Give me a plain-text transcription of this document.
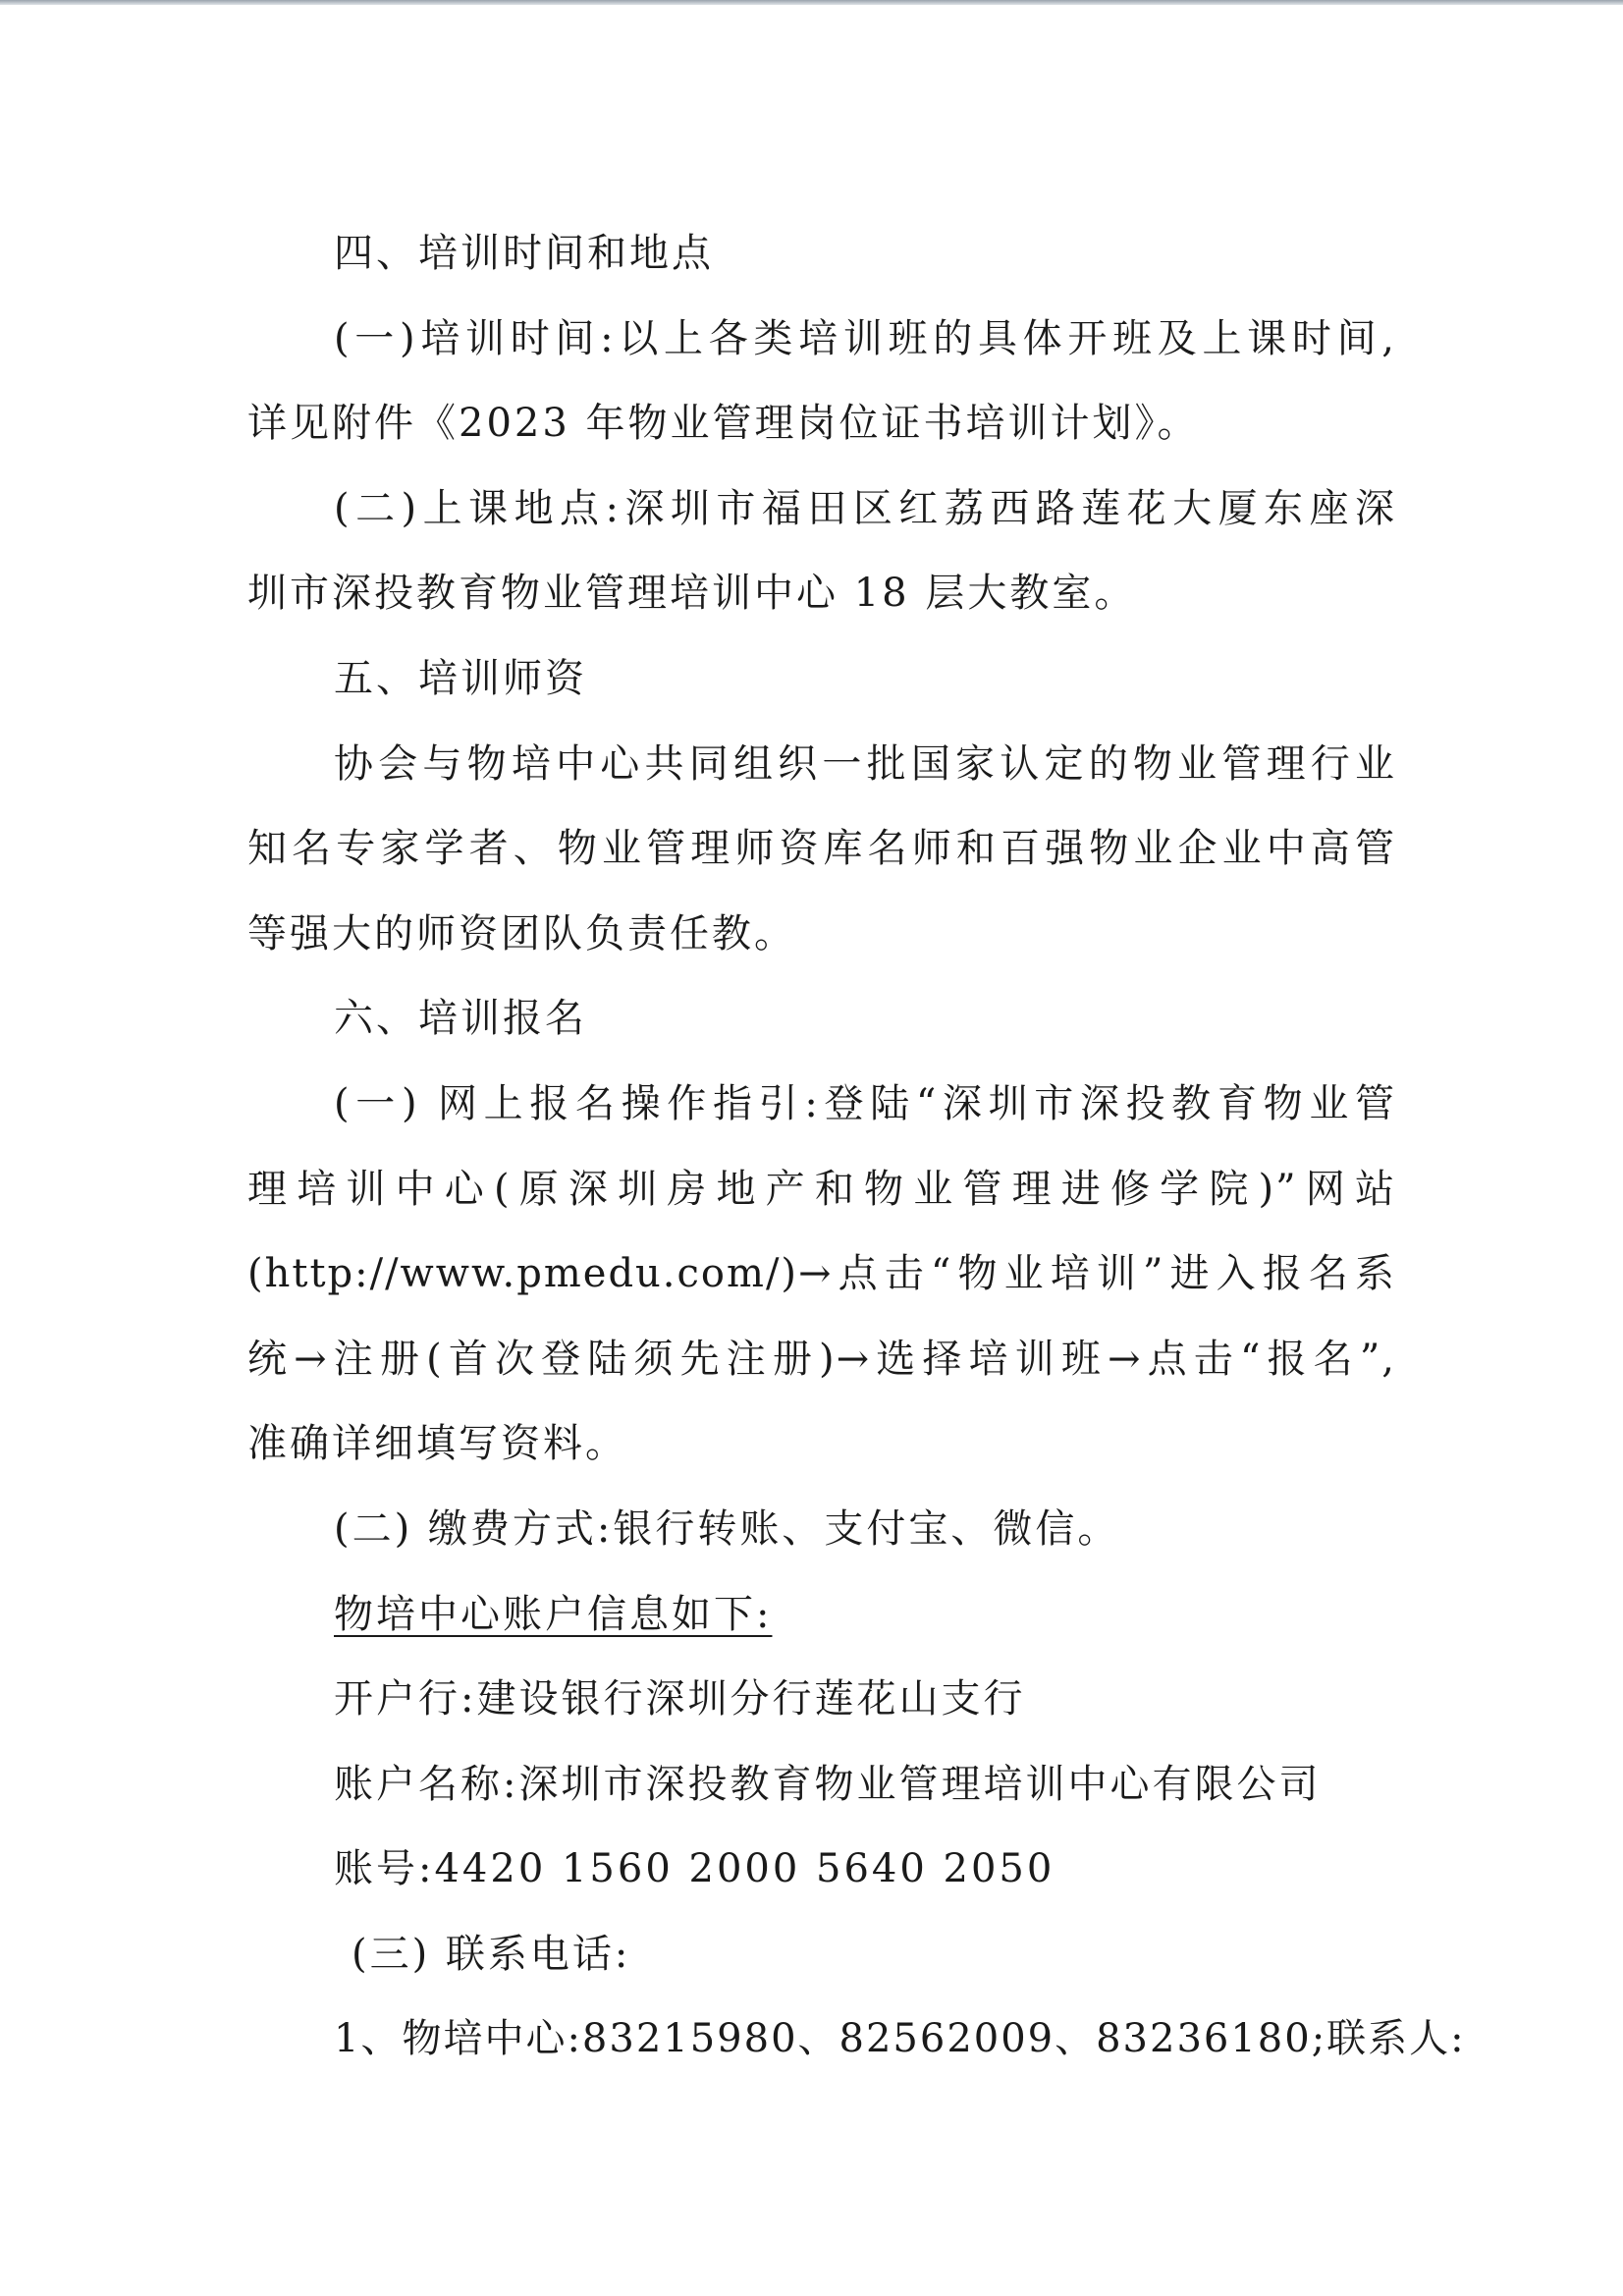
四、培训时间和地点
(一)培训时间:以上各类培训班的具体开班及上课时间,
详见附件《2023 年物业管理岗位证书培训计划》。
(二)上课地点:深圳市福田区红荔西路莲花大厦东座深
圳市深投教育物业管理培训中心 18 层大教室。
五、培训师资
协会与物培中心共同组织一批国家认定的物业管理行业
知名专家学者、物业管理师资库名师和百强物业企业中高管
等强大的师资团队负责任教。
六、培训报名
(一) 网上报名操作指引:登陆“深圳市深投教育物业管
理培训中心(原深圳房地产和物业管理进修学院)”网站
(http://www.pmedu.com/)→点击“物业培训”进入报名系
统→注册(首次登陆须先注册)→选择培训班→点击“报名”,
准确详细填写资料。
(二) 缴费方式:银行转账、支付宝、微信。
物培中心账户信息如下:
开户行:建设银行深圳分行莲花山支行
账户名称:深圳市深投教育物业管理培训中心有限公司
账号:4420 1560 2000 5640 2050
(三) 联系电话:
1、物培中心:83215980、82562009、83236180;联系人:
